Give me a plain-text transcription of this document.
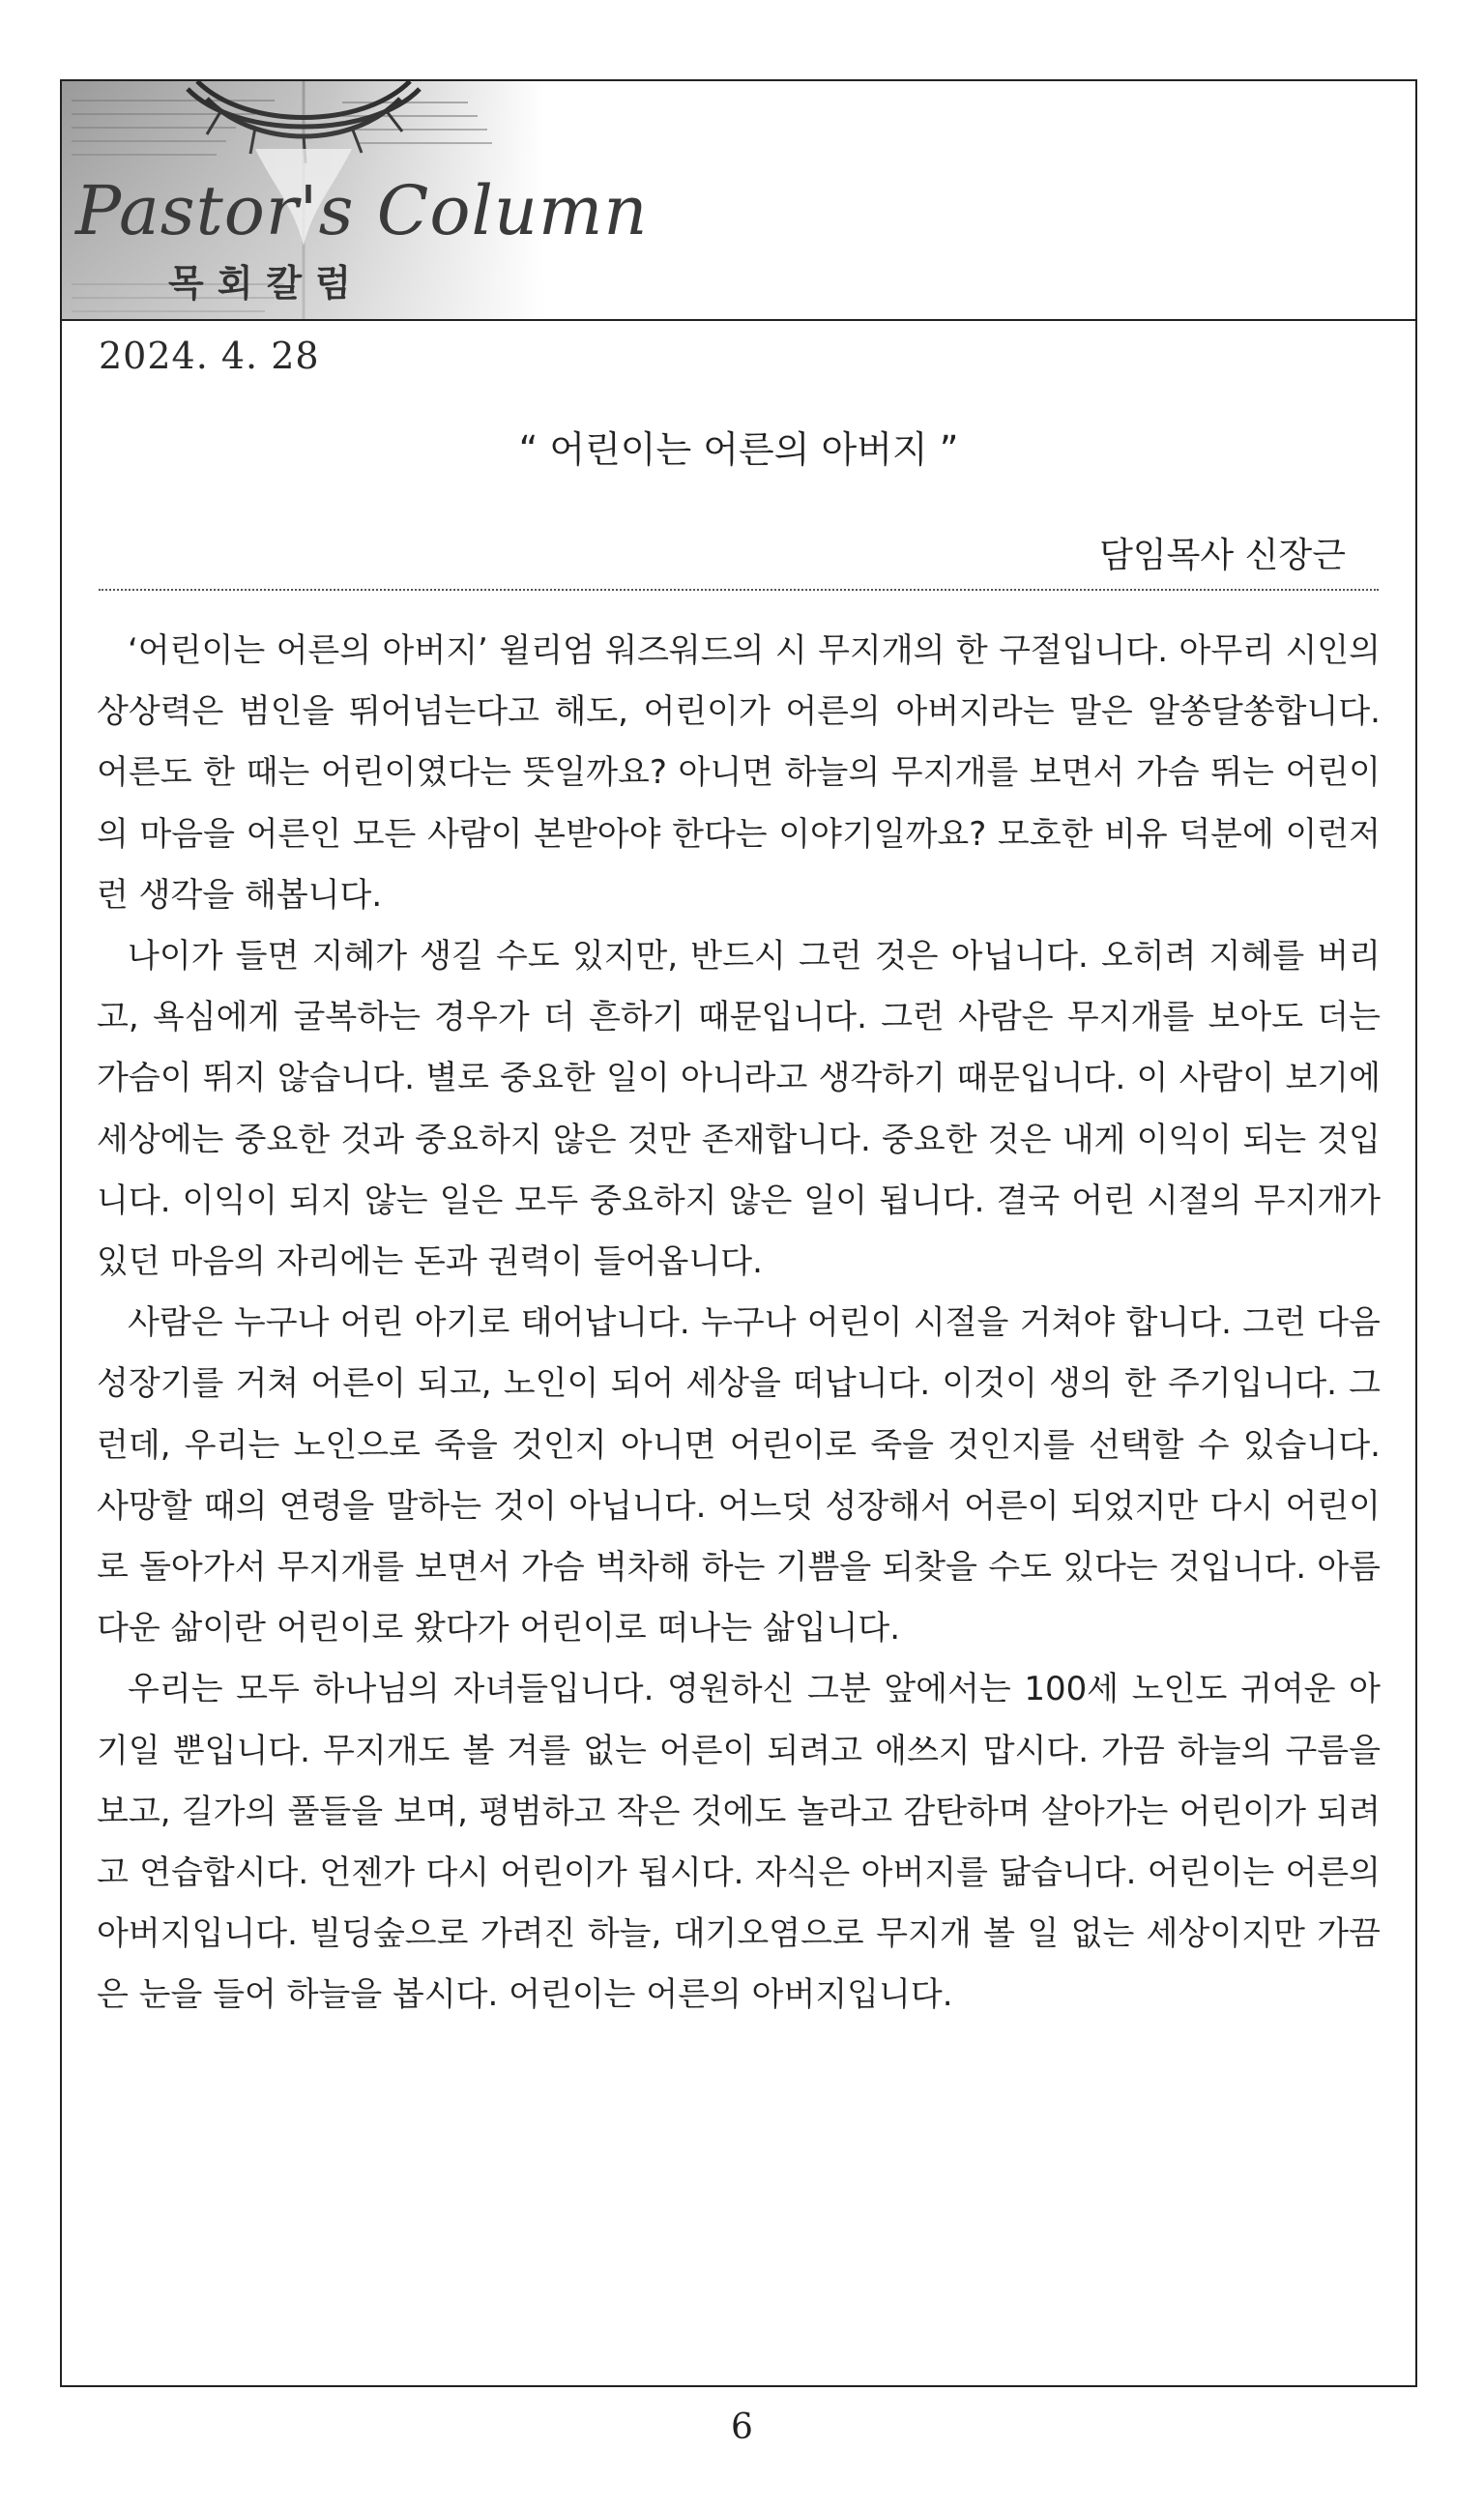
Pastor's Column
목회칼럼
2024. 4. 28
“ 어린이는 어른의 아버지 ”
담임목사 신장근

‘어린이는 어른의 아버지’ 윌리엄 워즈워드의 시 무지개의 한 구절입니다. 아무리 시인의 상상력은 범인을 뛰어넘는다고 해도, 어린이가 어른의 아버지라는 말은 알쏭달쏭합니다. 어른도 한 때는 어린이였다는 뜻일까요? 아니면 하늘의 무지개를 보면서 가슴 뛰는 어린이의 마음을 어른인 모든 사람이 본받아야 한다는 이야기일까요? 모호한 비유 덕분에 이런저런 생각을 해봅니다.

나이가 들면 지혜가 생길 수도 있지만, 반드시 그런 것은 아닙니다. 오히려 지혜를 버리고, 욕심에게 굴복하는 경우가 더 흔하기 때문입니다. 그런 사람은 무지개를 보아도 더는 가슴이 뛰지 않습니다. 별로 중요한 일이 아니라고 생각하기 때문입니다. 이 사람이 보기에 세상에는 중요한 것과 중요하지 않은 것만 존재합니다. 중요한 것은 내게 이익이 되는 것입니다. 이익이 되지 않는 일은 모두 중요하지 않은 일이 됩니다. 결국 어린 시절의 무지개가 있던 마음의 자리에는 돈과 권력이 들어옵니다.

사람은 누구나 어린 아기로 태어납니다. 누구나 어린이 시절을 거쳐야 합니다. 그런 다음 성장기를 거쳐 어른이 되고, 노인이 되어 세상을 떠납니다. 이것이 생의 한 주기입니다. 그런데, 우리는 노인으로 죽을 것인지 아니면 어린이로 죽을 것인지를 선택할 수 있습니다. 사망할 때의 연령을 말하는 것이 아닙니다. 어느덧 성장해서 어른이 되었지만 다시 어린이로 돌아가서 무지개를 보면서 가슴 벅차해 하는 기쁨을 되찾을 수도 있다는 것입니다. 아름다운 삶이란 어린이로 왔다가 어린이로 떠나는 삶입니다.

우리는 모두 하나님의 자녀들입니다. 영원하신 그분 앞에서는 100세 노인도 귀여운 아기일 뿐입니다. 무지개도 볼 겨를 없는 어른이 되려고 애쓰지 맙시다. 가끔 하늘의 구름을 보고, 길가의 풀들을 보며, 평범하고 작은 것에도 놀라고 감탄하며 살아가는 어린이가 되려고 연습합시다. 언젠가 다시 어린이가 됩시다. 자식은 아버지를 닮습니다. 어린이는 어른의 아버지입니다. 빌딩숲으로 가려진 하늘, 대기오염으로 무지개 볼 일 없는 세상이지만 가끔은 눈을 들어 하늘을 봅시다. 어린이는 어른의 아버지입니다.

6
